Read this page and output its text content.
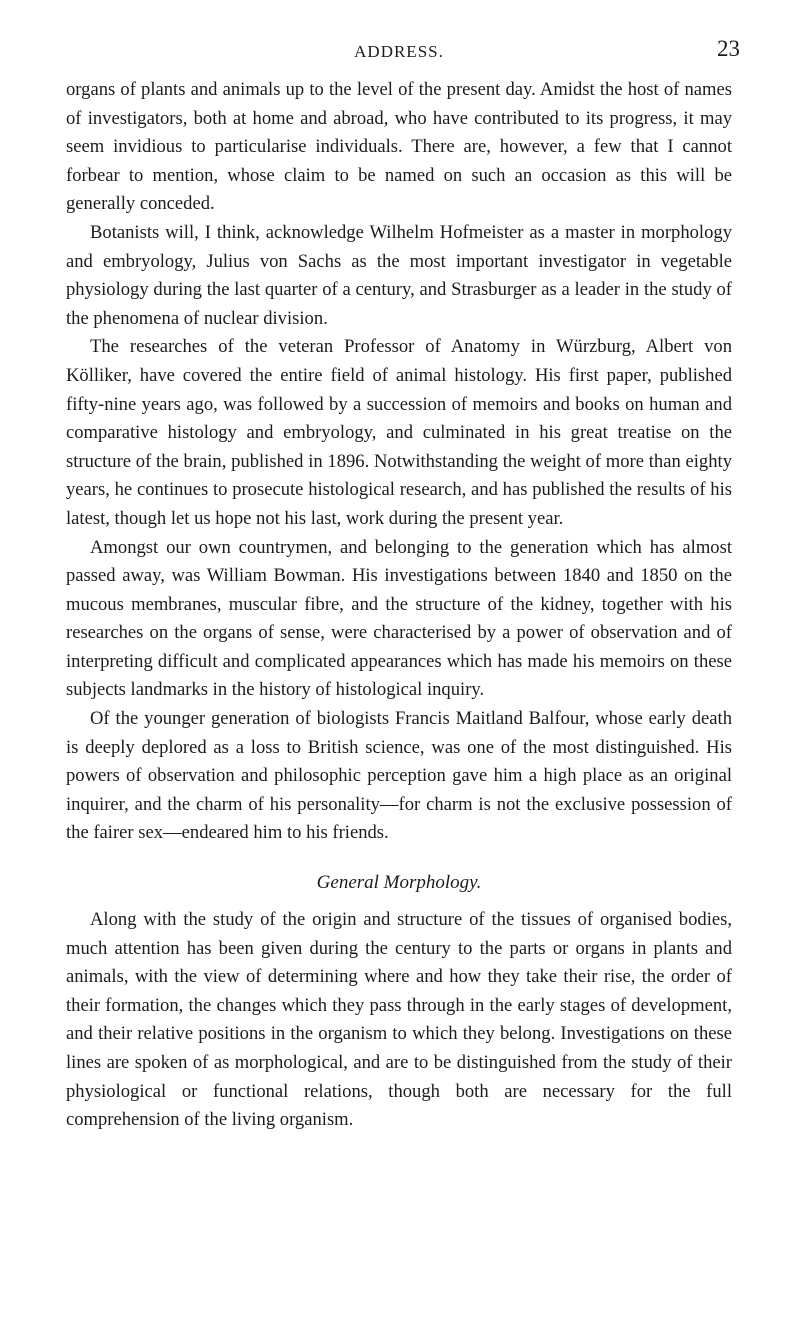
ADDRESS.	23

organs of plants and animals up to the level of the present day. Amidst the host of names of investigators, both at home and abroad, who have contributed to its progress, it may seem invidious to particularise individuals. There are, however, a few that I cannot forbear to mention, whose claim to be named on such an occasion as this will be generally conceded.

Botanists will, I think, acknowledge Wilhelm Hofmeister as a master in morphology and embryology, Julius von Sachs as the most important investigator in vegetable physiology during the last quarter of a century, and Strasburger as a leader in the study of the phenomena of nuclear division.

The researches of the veteran Professor of Anatomy in Würzburg, Albert von Kölliker, have covered the entire field of animal histology. His first paper, published fifty-nine years ago, was followed by a succession of memoirs and books on human and comparative histology and embryology, and culminated in his great treatise on the structure of the brain, published in 1896. Notwithstanding the weight of more than eighty years, he continues to prosecute histological research, and has published the results of his latest, though let us hope not his last, work during the present year.

Amongst our own countrymen, and belonging to the generation which has almost passed away, was William Bowman. His investigations between 1840 and 1850 on the mucous membranes, muscular fibre, and the structure of the kidney, together with his researches on the organs of sense, were characterised by a power of observation and of interpreting difficult and complicated appearances which has made his memoirs on these subjects landmarks in the history of histological inquiry.

Of the younger generation of biologists Francis Maitland Balfour, whose early death is deeply deplored as a loss to British science, was one of the most distinguished. His powers of observation and philosophic perception gave him a high place as an original inquirer, and the charm of his personality—for charm is not the exclusive possession of the fairer sex—endeared him to his friends.

General Morphology.

Along with the study of the origin and structure of the tissues of organised bodies, much attention has been given during the century to the parts or organs in plants and animals, with the view of determining where and how they take their rise, the order of their formation, the changes which they pass through in the early stages of development, and their relative positions in the organism to which they belong. Investigations on these lines are spoken of as morphological, and are to be distinguished from the study of their physiological or functional relations, though both are necessary for the full comprehension of the living organism.
